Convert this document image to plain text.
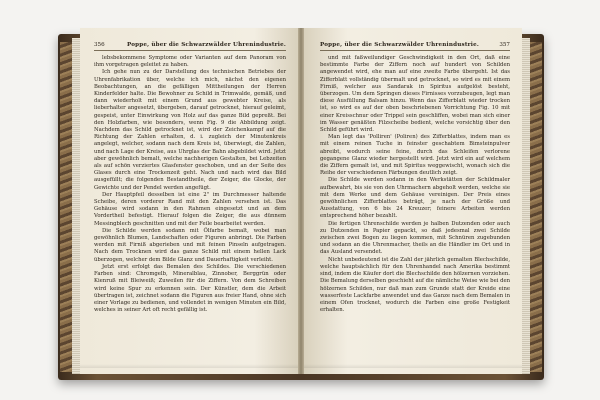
356	Poppe, über die Schwarzwälder Uhrenindustrie.

lebsbekommene Symptome oder Varianten auf dem Panoram von ihm vorgetragen geleitet zu haben.

Ich gehe nun zu der Darstellung des technischen Betriebes der Uhrenfabrikation über, welche ich mich, nächst den eigenen Beobachtungen, an die gefälligen Mittheilungen der Herren Kinderfelder halte. Die Bewohner zu Schild in Trimwalde, gemäß, und dann wiederholt mit einem Grund aus gewebter Kreise, als lieberhalter angesetzt, übergeben, darauf getrocknet, hierauf geleimt, gespeist, unter Einwirkung von Holz auf das ganze Bild gepreßt. Bei den Holzfarben, wie besonders, wenn Fig. 9 die Abbildung zeigt. Nachdem das Schild getrocknet ist, wird der Zeichenkampf auf die Richtung der Zahlen erhalten, d. i. zugleich der Minutenkreis angelegt, welcher, sodann nach dem Kreis ist, überwiegt, die Zahlen, und nach Lage der Kreise, aus Uhrglas der Bahn abgebildet wird. Jetzt aber gewöhnlich bemalt, welche nachherigen Gestalten, bei Lebzeiten als auf schön verziertes Glasfenster geschoben, und an der Seite des Glases durch eine Trockenzeit geht. Nach und nach wird das Bild ausgefüllt; die folgenden Bestandtheile, der Zeiger, die Glocke, der Gewichte und der Pendel werden angefügt.

Der Hauptpfeil desselben ist eine 2" im Durchmesser haltende Scheibe, deren vorderer Rand mit den Zahlen versehen ist. Das Gehäuse wird sodann in den Rahmen eingesetzt und an dem Vordertheil befestigt. Hierauf folgen die Zeiger, die aus dünnem Messingblech geschnitten und mit der Feile bearbeitet werden.

Die Schilde werden sodann mit Ölfarbe bemalt, wobei man gewöhnlich Blumen, Landschaften oder Figuren anbringt. Die Farben werden mit Firniß abgerieben und mit feinen Pinseln aufgetragen. Nach dem Trocknen wird das ganze Schild mit einem hellen Lack überzogen, welcher dem Bilde Glanz und Dauerhaftigkeit verleiht.

Jetzt erst erfolgt das Bemalen des Schildes. Die verschiedenen Farben sind: Chromgelb, Mineralblau, Zinnober, Berggrün oder Kienruß mit Bleiweiß; Zuweilen für die Ziffern. Von dem Schreiben wird keine Spur zu erkennen sein. Der Künstler, dem die Arbeit übertragen ist, zeichnet sodann die Figuren aus freier Hand, ohne sich einer Vorlage zu bedienen, und vollendet in wenigen Minuten ein Bild, welches in seiner Art oft recht gefällig ist.

Poppe, über die Schwarzwälder Uhrenindustrie.	357

und mit faßweilundiger Geschwindigkeit in den Ort, daß eine bestimmte Farbe der Ziffern noch auf hundert von Schilden angewendet wird, ehe man auf eine zweite Farbe übergeht. Ist das Zifferblatt vollständig übermalt und getrocknet, so wird es mit einem Firniß, welcher aus Sandarak in Spiritus aufgelöst besteht, überzogen. Um dem Springen dieses Firnisses vorzubeugen, legt man diese Ausfüllung Balsam hinzu. Wenn das Zifferblatt wieder trocken ist, so wird es auf der oben beschriebenen Vorrichtung Fig. 10 mit einer Kreisschnur oder Trippel sein geschliffen, wobei man sich einer im Wasser genäßten Filzscheibe bedient, welche vorsichtig über den Schild geführt wird.

Man legt das 'Polliren' (Poliren) des Zifferblattes, indem man es mit einem reinen Tuche in feinster geschabtem Bimsteinpulver abreibt, wodurch seine feine, durch das Schleifen verlorene gegangene Glanz wieder hergestellt wird. Jetzt wird ein auf welchem die Ziffern gemalt ist, und mit Spiritus weggewischt, wonach sich die Reihe der verschiedenen Färbungen deutlich zeigt.

Die Schilde werden sodann in den Werkstätten der Schildmaler aufbewahrt, bis sie von den Uhrmachern abgeholt werden, welche sie mit dem Werke und dem Gehäuse vereinigen. Der Preis eines gewöhnlichen Zifferblattes beträgt, je nach der Größe und Ausstattung, von 6 bis 24 Kreuzer; feinere Arbeiten werden entsprechend höher bezahlt.

Die fertigen Uhrenschilde werden je halben Dutzenden oder auch zu Dutzenden in Papier gepackt, so daß jedesmal zwei Schilde zwischen zwei Bogen zu liegen kommen, mit Schnüren zugebunden und sodann an die Uhrenmacher, theils an die Händler im Ort und in das Ausland versendet.

Nicht unbedeutend ist die Zahl der jährlich gemalten Blechschilde, welche hauptsächlich für den Uhrenhandel nach Amerika bestimmt sind, indem die Käufer dort die Blechschilde den hölzernen vorziehen. Die Bemalung derselben geschieht auf die nämliche Weise wie bei den hölzernen Schilden, nur daß man zum Grunde statt der Kreide eine wasserfeste Lackfarbe anwendet und das Ganze nach dem Bemalen in einem Ofen trocknet, wodurch die Farben eine große Festigkeit erhalten.
